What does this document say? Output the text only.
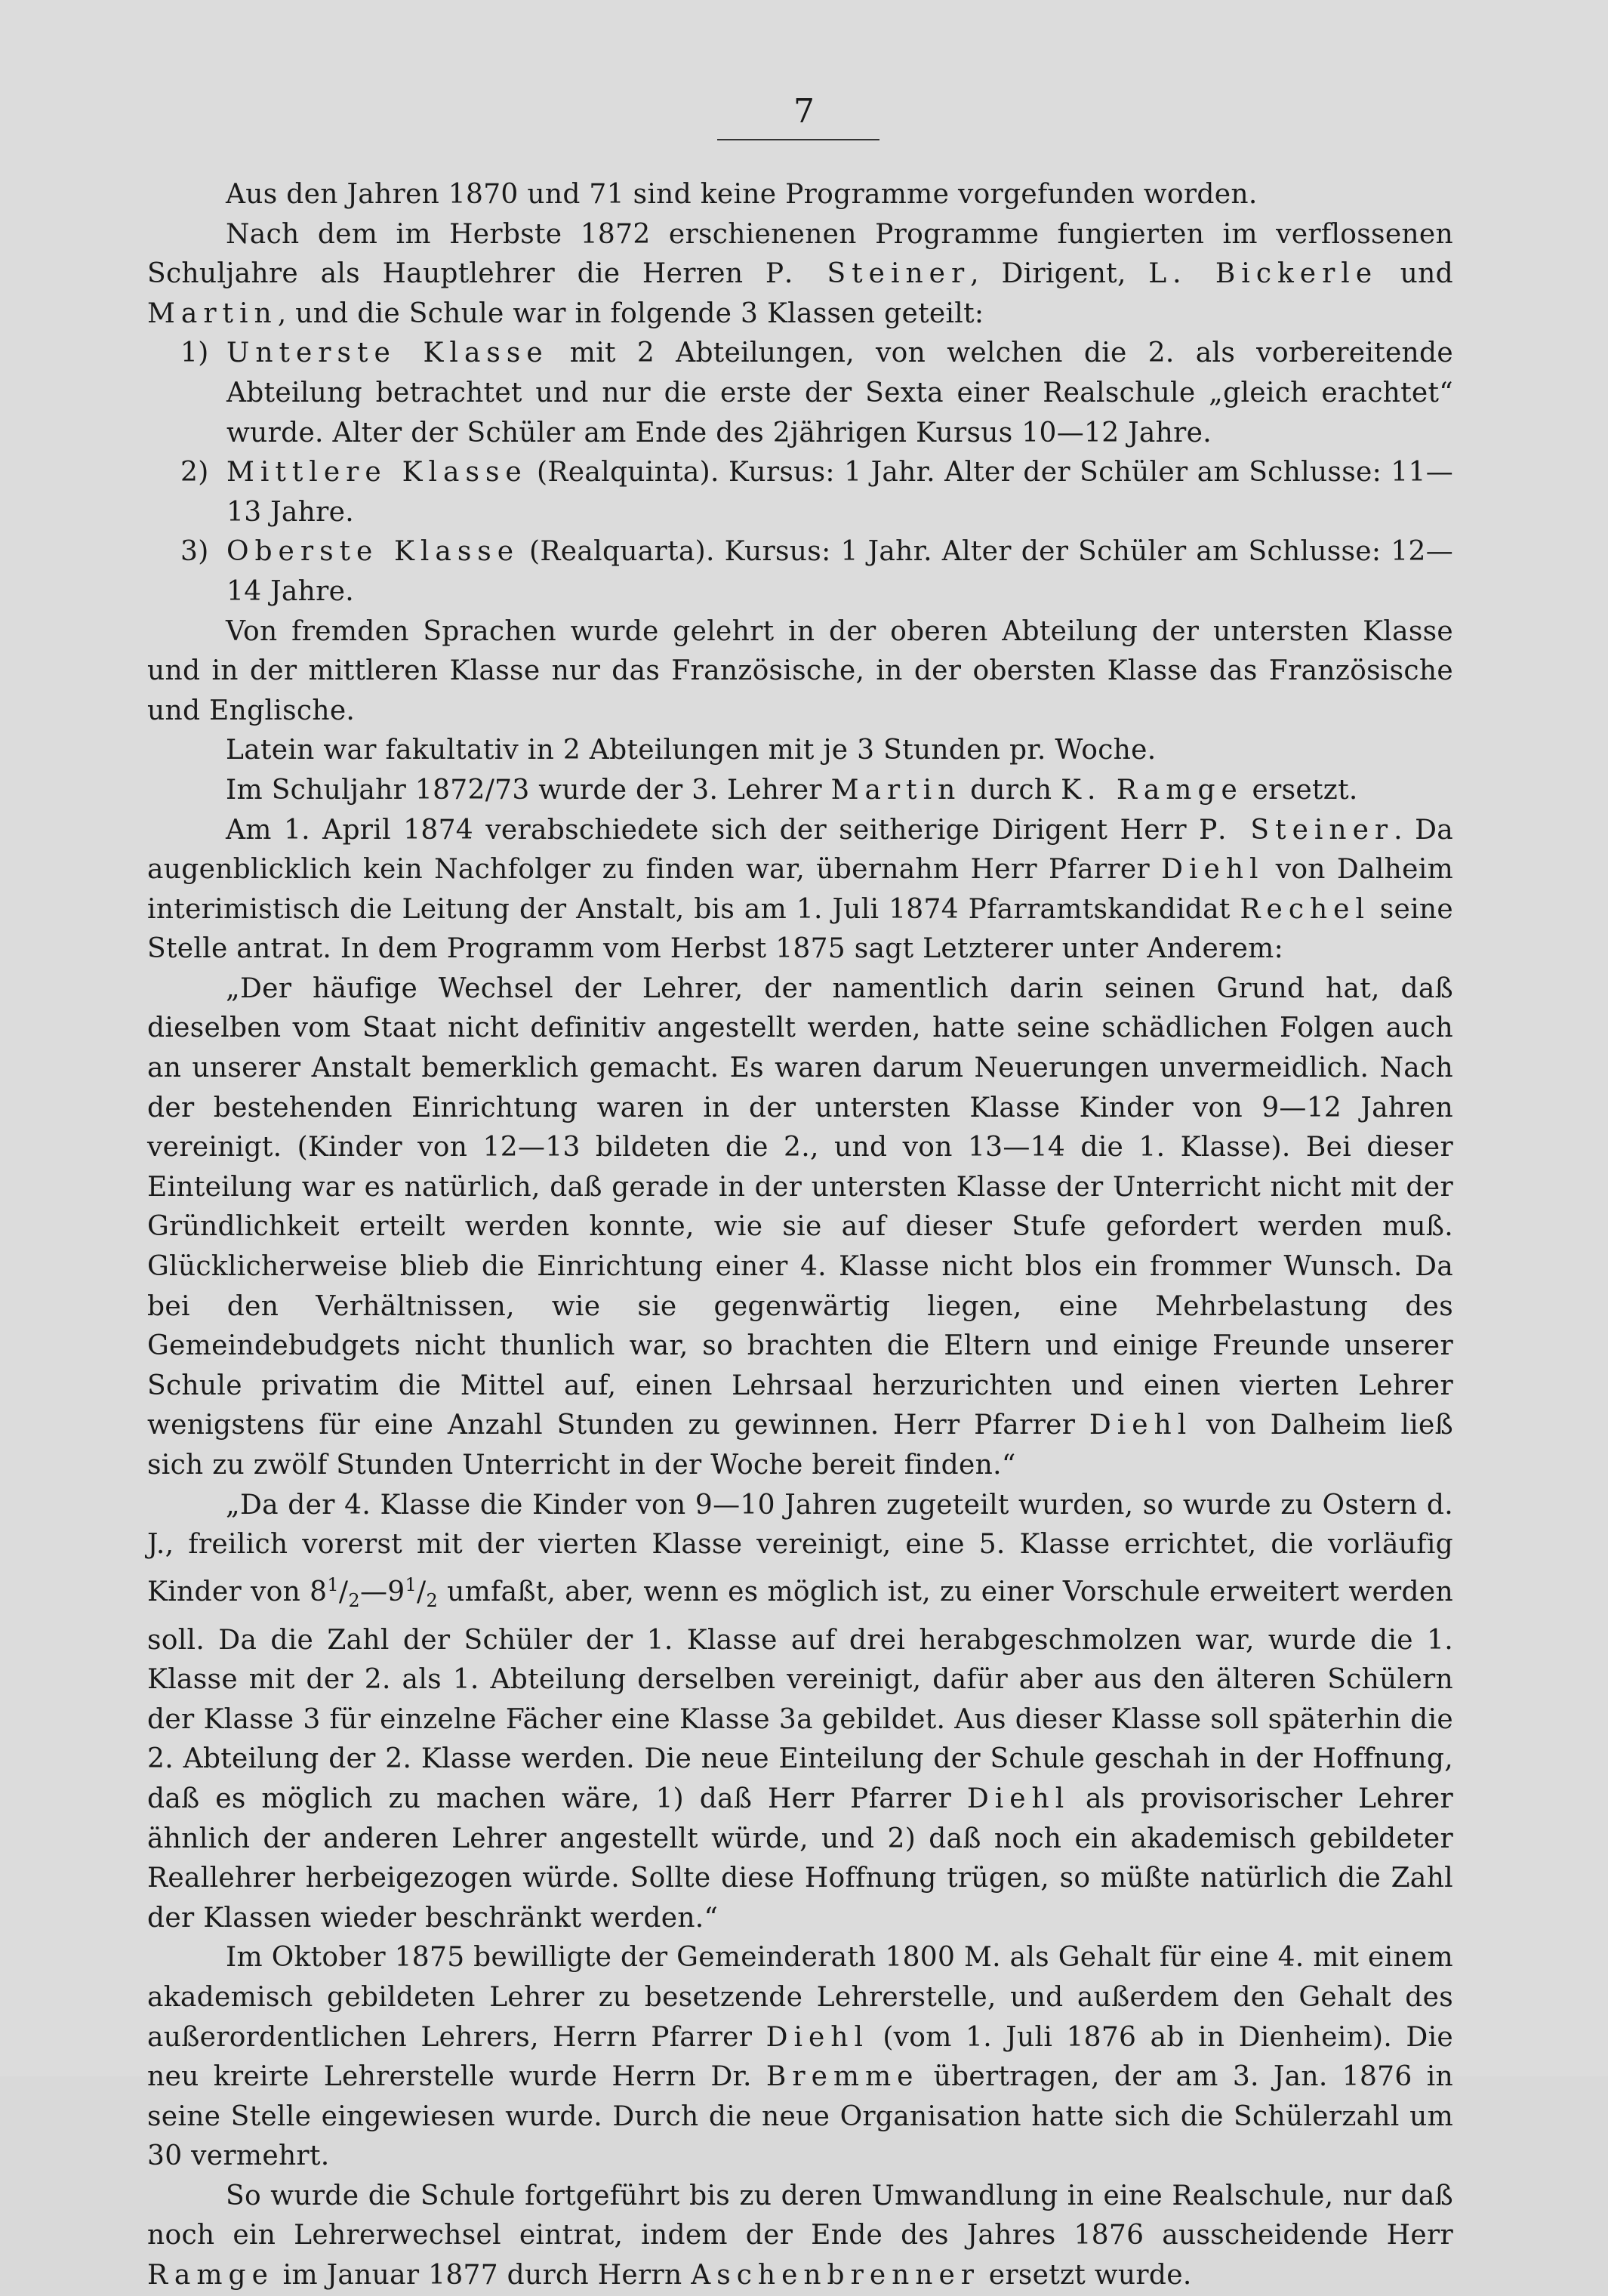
7

Aus den Jahren 1870 und 71 sind keine Programme vorgefunden worden.

Nach dem im Herbste 1872 erschienenen Programme fungierten im verflossenen Schuljahre als Hauptlehrer die Herren P. Steiner, Dirigent, L. Bickerle und Martin, und die Schule war in folgende 3 Klassen geteilt:

1) Unterste Klasse mit 2 Abteilungen, von welchen die 2. als vorbereitende Abteilung betrachtet und nur die erste der Sexta einer Realschule „gleich erachtet“ wurde. Alter der Schüler am Ende des 2jährigen Kursus 10—12 Jahre.

2) Mittlere Klasse (Realquinta). Kursus: 1 Jahr. Alter der Schüler am Schlusse: 11—13 Jahre.

3) Oberste Klasse (Realquarta). Kursus: 1 Jahr. Alter der Schüler am Schlusse: 12—14 Jahre.

Von fremden Sprachen wurde gelehrt in der oberen Abteilung der untersten Klasse und in der mittleren Klasse nur das Französische, in der obersten Klasse das Französische und Englische.

Latein war fakultativ in 2 Abteilungen mit je 3 Stunden pr. Woche.

Im Schuljahr 1872/73 wurde der 3. Lehrer Martin durch K. Ramge ersetzt.

Am 1. April 1874 verabschiedete sich der seitherige Dirigent Herr P. Steiner. Da augenblicklich kein Nachfolger zu finden war, übernahm Herr Pfarrer Diehl von Dalheim interimistisch die Leitung der Anstalt, bis am 1. Juli 1874 Pfarramtskandidat Rechel seine Stelle antrat. In dem Programm vom Herbst 1875 sagt Letzterer unter Anderem:

„Der häufige Wechsel der Lehrer, der namentlich darin seinen Grund hat, daß dieselben vom Staat nicht definitiv angestellt werden, hatte seine schädlichen Folgen auch an unserer Anstalt bemerklich gemacht. Es waren darum Neuerungen unvermeidlich. Nach der bestehenden Einrichtung waren in der untersten Klasse Kinder von 9—12 Jahren vereinigt. (Kinder von 12—13 bildeten die 2., und von 13—14 die 1. Klasse). Bei dieser Einteilung war es natürlich, daß gerade in der untersten Klasse der Unterricht nicht mit der Gründlichkeit erteilt werden konnte, wie sie auf dieser Stufe gefordert werden muß. Glücklicherweise blieb die Einrichtung einer 4. Klasse nicht blos ein frommer Wunsch. Da bei den Verhältnissen, wie sie gegenwärtig liegen, eine Mehrbelastung des Gemeindebudgets nicht thunlich war, so brachten die Eltern und einige Freunde unserer Schule privatim die Mittel auf, einen Lehrsaal herzurichten und einen vierten Lehrer wenigstens für eine Anzahl Stunden zu gewinnen. Herr Pfarrer Diehl von Dalheim ließ sich zu zwölf Stunden Unterricht in der Woche bereit finden.“

„Da der 4. Klasse die Kinder von 9—10 Jahren zugeteilt wurden, so wurde zu Ostern d. J., freilich vorerst mit der vierten Klasse vereinigt, eine 5. Klasse errichtet, die vorläufig Kinder von $8^1/_2—9^1/_2$ umfaßt, aber, wenn es möglich ist, zu einer Vorschule erweitert werden soll. Da die Zahl der Schüler der 1. Klasse auf drei herabgeschmolzen war, wurde die 1. Klasse mit der 2. als 1. Abteilung derselben vereinigt, dafür aber aus den älteren Schülern der Klasse 3 für einzelne Fächer eine Klasse 3a gebildet. Aus dieser Klasse soll späterhin die 2. Abteilung der 2. Klasse werden. Die neue Einteilung der Schule geschah in der Hoffnung, daß es möglich zu machen wäre, 1) daß Herr Pfarrer Diehl als provisorischer Lehrer ähnlich der anderen Lehrer angestellt würde, und 2) daß noch ein akademisch gebildeter Reallehrer herbeigezogen würde. Sollte diese Hoffnung trügen, so müßte natürlich die Zahl der Klassen wieder beschränkt werden.“

Im Oktober 1875 bewilligte der Gemeinderath 1800 M. als Gehalt für eine 4. mit einem akademisch gebildeten Lehrer zu besetzende Lehrerstelle, und außerdem den Gehalt des außerordentlichen Lehrers, Herrn Pfarrer Diehl (vom 1. Juli 1876 ab in Dienheim). Die neu kreirte Lehrerstelle wurde Herrn Dr. Bremme übertragen, der am 3. Jan. 1876 in seine Stelle eingewiesen wurde. Durch die neue Organisation hatte sich die Schülerzahl um 30 vermehrt.

So wurde die Schule fortgeführt bis zu deren Umwandlung in eine Realschule, nur daß noch ein Lehrerwechsel eintrat, indem der Ende des Jahres 1876 ausscheidende Herr Ramge im Januar 1877 durch Herrn Aschenbrenner ersetzt wurde.
